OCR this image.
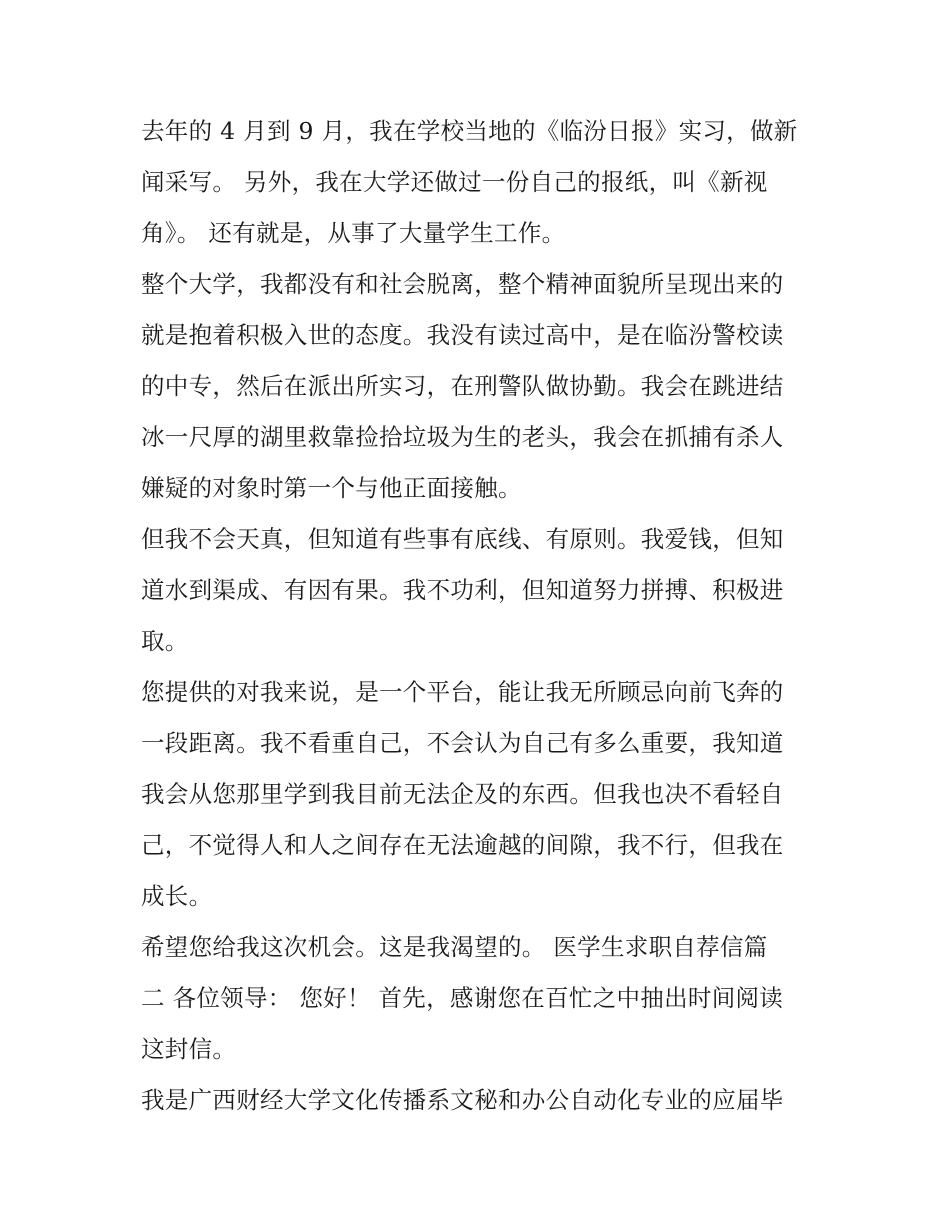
去年的 4 月到 9 月，我在学校当地的《临汾日报》实习，做新
闻采写。 另外，我在大学还做过一份自己的报纸，叫《新视
角》。 还有就是，从事了大量学生工作。

整个大学，我都没有和社会脱离，整个精神面貌所呈现出来的
就是抱着积极入世的态度。我没有读过高中，是在临汾警校读
的中专，然后在派出所实习，在刑警队做协勤。我会在跳进结
冰一尺厚的湖里救靠捡拾垃圾为生的老头，我会在抓捕有杀人
嫌疑的对象时第一个与他正面接触。

但我不会天真，但知道有些事有底线、有原则。我爱钱，但知
道水到渠成、有因有果。我不功利，但知道努力拼搏、积极进
取。

您提供的对我来说，是一个平台，能让我无所顾忌向前飞奔的
一段距离。我不看重自己，不会认为自己有多么重要，我知道
我会从您那里学到我目前无法企及的东西。但我也决不看轻自
己，不觉得人和人之间存在无法逾越的间隙，我不行，但我在
成长。

希望您给我这次机会。这是我渴望的。 医学生求职自荐信篇
二 各位领导： 您好！ 首先，感谢您在百忙之中抽出时间阅读
这封信。

我是广西财经大学文化传播系文秘和办公自动化专业的应届毕
